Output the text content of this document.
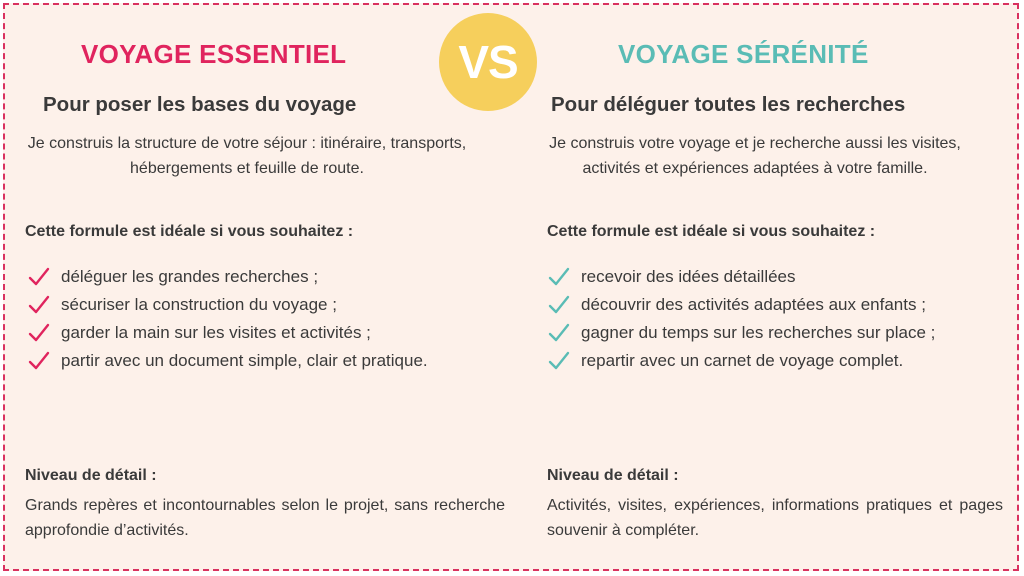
VOYAGE ESSENTIEL
Pour poser les bases du voyage

Je construis la structure de votre séjour : itinéraire, transports, hébergements et feuille de route.

Cette formule est idéale si vous souhaitez :

déléguer les grandes recherches ;
sécuriser la construction du voyage ;
garder la main sur les visites et activités ;
partir avec un document simple, clair et pratique.

Niveau de détail :

Grands repères et incontournables selon le projet, sans recherche approfondie d’activités.

VOYAGE SÉRÉNITÉ
Pour déléguer toutes les recherches

Je construis votre voyage et je recherche aussi les visites, activités et expériences adaptées à votre famille.

Cette formule est idéale si vous souhaitez :

recevoir des idées détaillées
découvrir des activités adaptées aux enfants ;
gagner du temps sur les recherches sur place ;
repartir avec un carnet de voyage complet.

Niveau de détail :

Activités, visites, expériences, informations pratiques et pages souvenir à compléter.

VS
